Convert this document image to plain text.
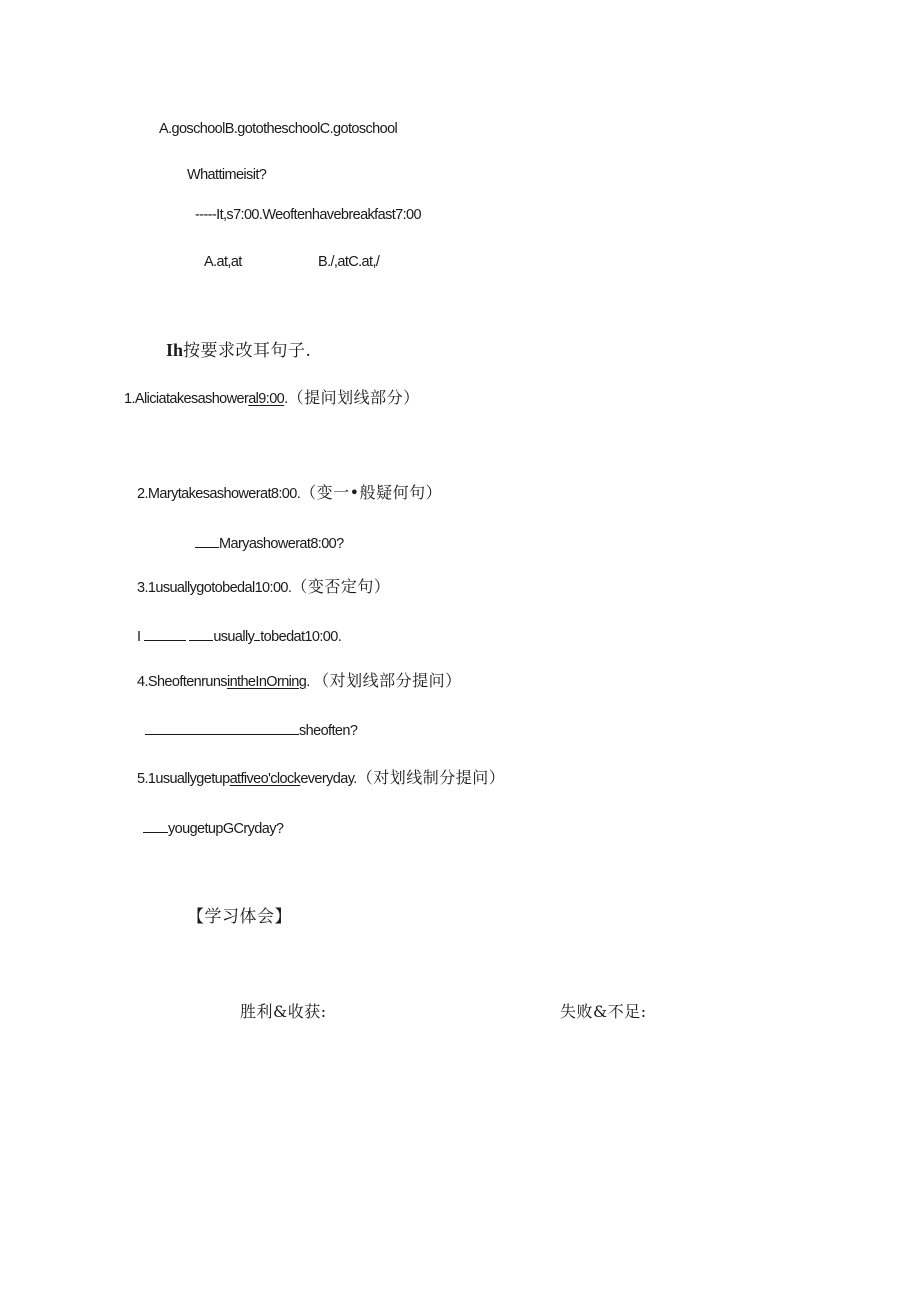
A.goschoolB.gototheschoolC.gotoschool
Whattimeisit?
-----It,s7:00.Weoftenhavebreakfast7:00
A.at,at	B./,atC.at,/
Ih按要求改耳句子.
1.Aliciatakesashoweral9:00.（提问划线部分）
2.Marytakesashowerat8:00.（变一•般疑何句）
Maryashowerat8:00?
3.1usuallygotobedal10:00.（变否定句）
I	usually tobedat10:00.
4.SheoftenrunsintheInOrning. （对划线部分提问）
sheoften?
5.1usuallygetupatfiveo'clockeveryday.（对划线制分提问）
yougetupGCryday?
【学习体会】
胜利&收获:	失败&不足:
